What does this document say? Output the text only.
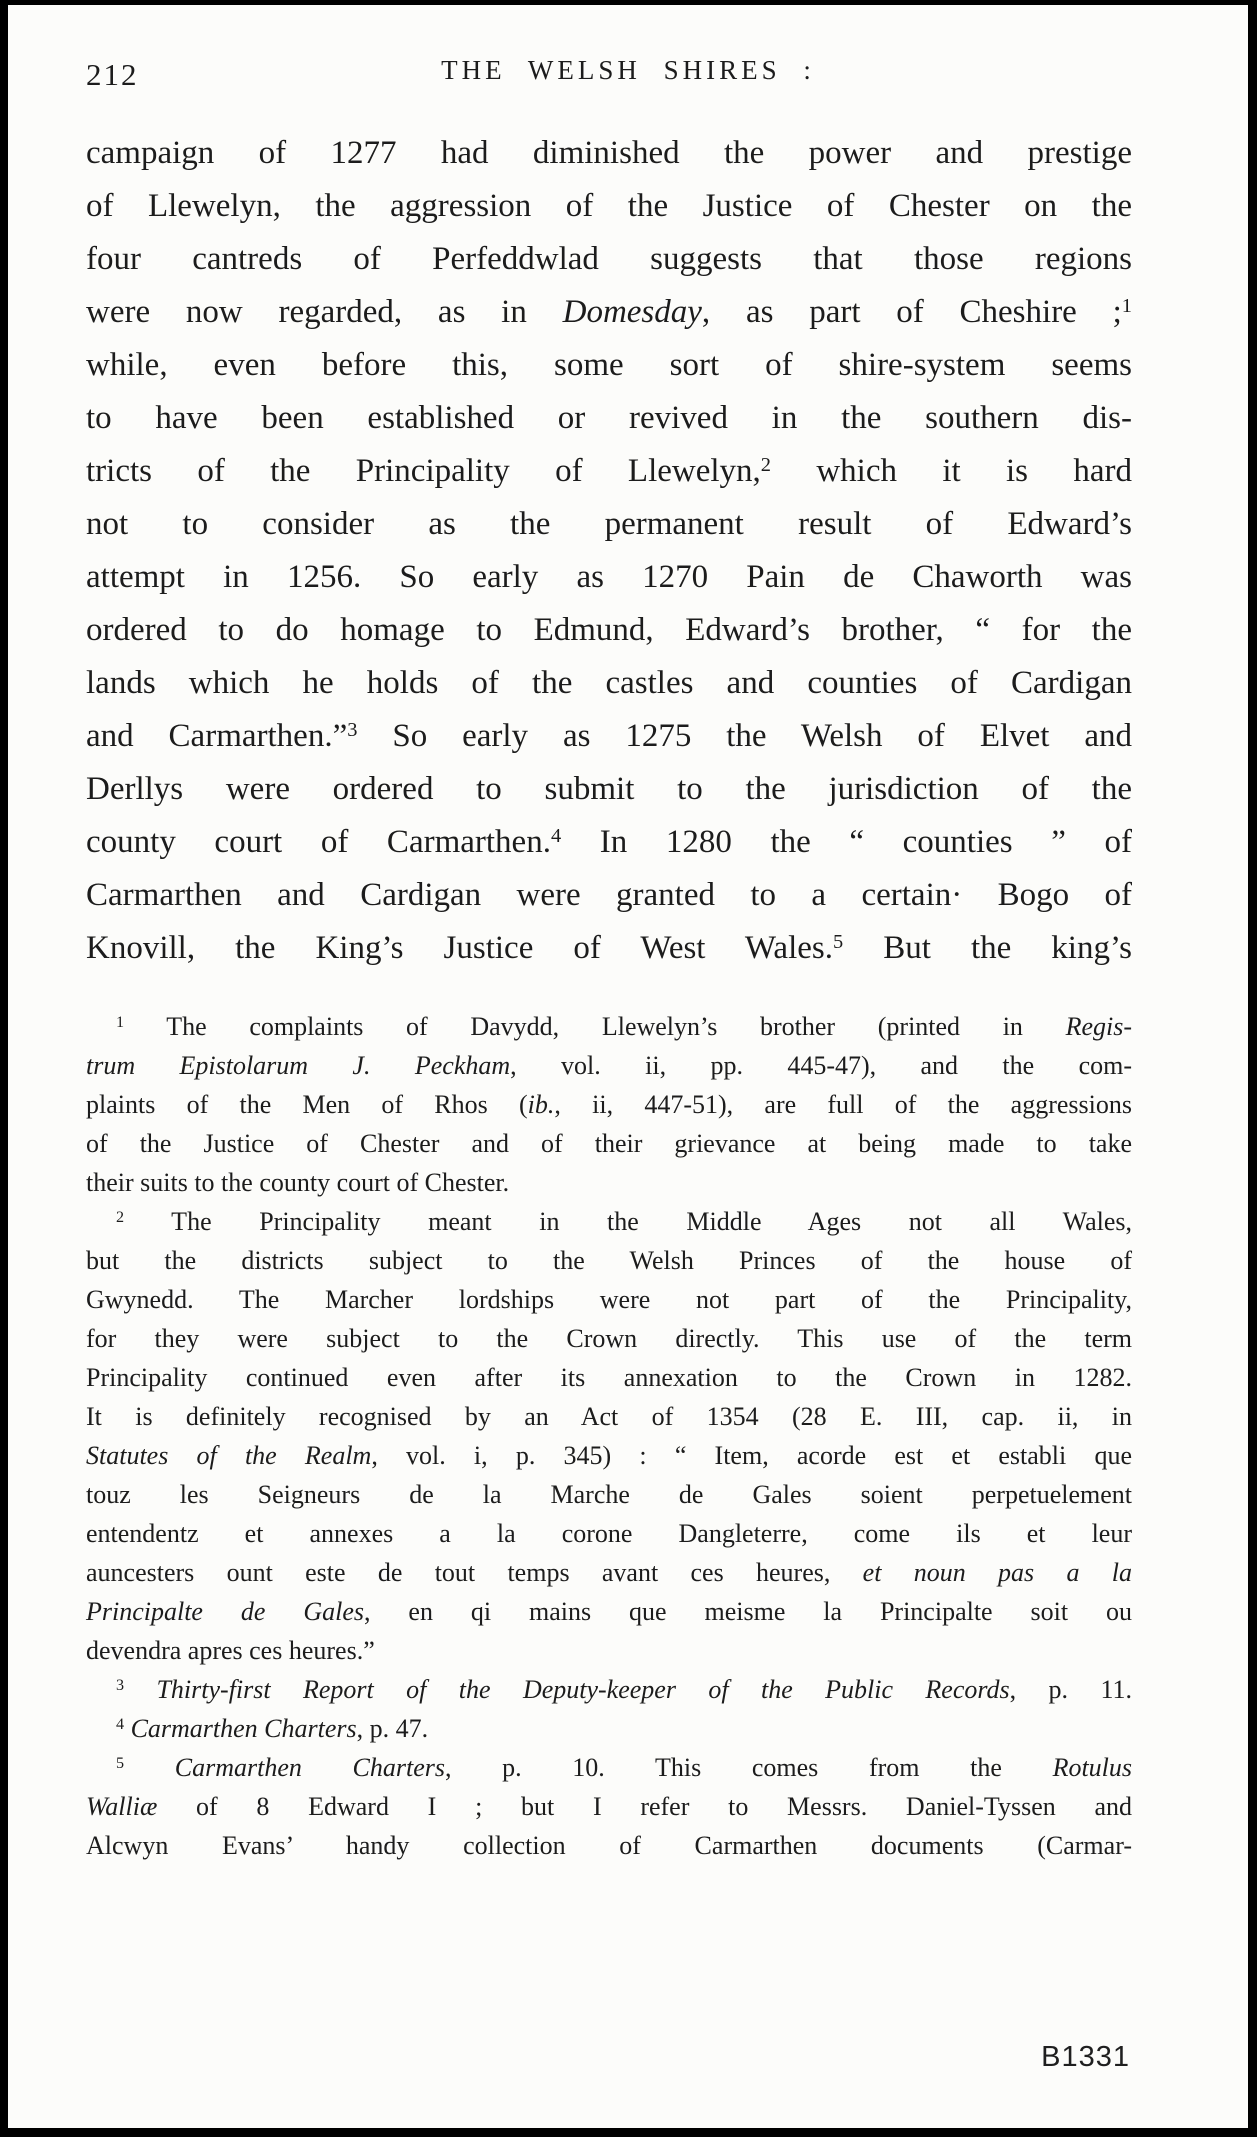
212	THE WELSH SHIRES :
campaign of 1277 had diminished the power and prestige
of Llewelyn, the aggression of the Justice of Chester on the
four cantreds of Perfeddwlad suggests that those regions
were now regarded, as in Domesday, as part of Cheshire ;$^1$
while, even before this, some sort of shire-system seems
to have been established or revived in the southern dis-
tricts of the Principality of Llewelyn,$^2$ which it is hard
not to consider as the permanent result of Edward’s
attempt in 1256. So early as 1270 Pain de Chaworth was
ordered to do homage to Edmund, Edward’s brother, “ for the
lands which he holds of the castles and counties of Cardigan
and Carmarthen.”$^3$ So early as 1275 the Welsh of Elvet and
Derllys were ordered to submit to the jurisdiction of the
county court of Carmarthen.$^4$ In 1280 the “ counties ” of
Carmarthen and Cardigan were granted to a certain· Bogo of
Knovill, the King’s Justice of West Wales.$^5$ But the king’s
$^1$ The complaints of Davydd, Llewelyn’s brother (printed in Regis-
trum Epistolarum J. Peckham, vol. ii, pp. 445-47), and the com-
plaints of the Men of Rhos (ib., ii, 447-51), are full of the aggressions
of the Justice of Chester and of their grievance at being made to take
their suits to the county court of Chester.
$^2$ The Principality meant in the Middle Ages not all Wales,
but the districts subject to the Welsh Princes of the house of
Gwynedd. The Marcher lordships were not part of the Principality,
for they were subject to the Crown directly. This use of the term
Principality continued even after its annexation to the Crown in 1282.
It is definitely recognised by an Act of 1354 (28 E. III, cap. ii, in
Statutes of the Realm, vol. i, p. 345) : “ Item, acorde est et establi que
touz les Seigneurs de la Marche de Gales soient perpetuelement
entendentz et annexes a la corone Dangleterre, come ils et leur
auncesters ount este de tout temps avant ces heures, et noun pas a la
Principalte de Gales, en qi mains que meisme la Principalte soit ou
devendra apres ces heures.”
$^3$ Thirty-first Report of the Deputy-keeper of the Public Records, p. 11.
$^4$ Carmarthen Charters, p. 47.
$^5$ Carmarthen Charters, p. 10. This comes from the Rotulus
Walliæ of 8 Edward I ; but I refer to Messrs. Daniel-Tyssen and
Alcwyn Evans’ handy collection of Carmarthen documents (Carmar-
B1331
